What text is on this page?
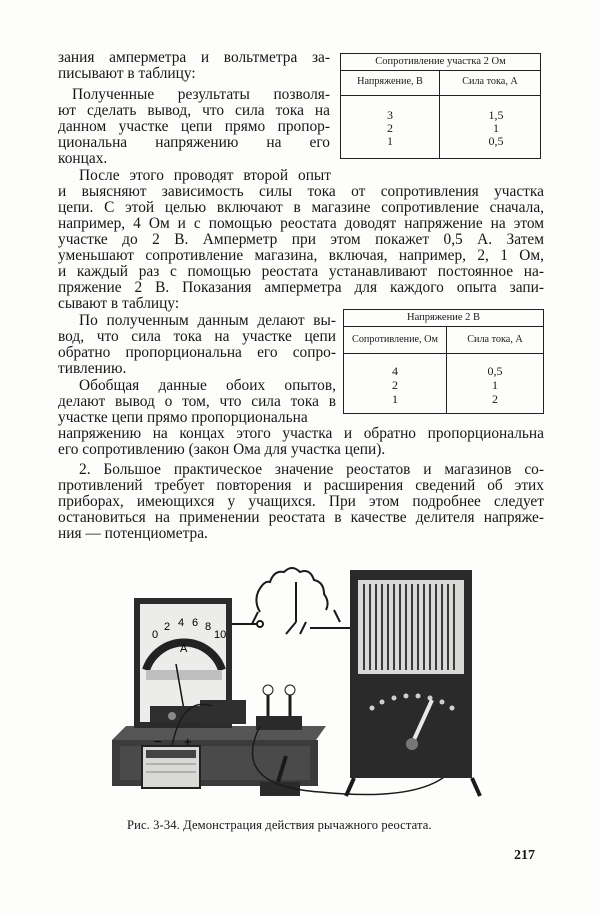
зания амперметра и вольтметра за-
писывают в таблицу:
Полученные результаты позволя-
ют сделать вывод, что сила тока на
данном участке цепи прямо пропор-
циональна напряжению на его
концах.
Сопротивление участка 2 Ом
Напряжение, В	Сила тока, А
3	1,5
2	1
1	0,5
После этого проводят второй опыт
и выясняют зависимость силы тока от сопротивления участка
цепи. С этой целью включают в магазине сопротивление сначала,
например, 4 Ом и с помощью реостата доводят напряжение на этом
участке до 2 В. Амперметр при этом покажет 0,5 А. Затем
уменьшают сопротивление магазина, включая, например, 2, 1 Ом,
и каждый раз с помощью реостата устанавливают постоянное на-
пряжение 2 В. Показания амперметра для каждого опыта запи-
сывают в таблицу:
По полученным данным делают вы-
вод, что сила тока на участке цепи
обратно пропорциональна его сопро-
тивлению.
Обобщая данные обоих опытов,
делают вывод о том, что сила тока в
участке цепи прямо пропорциональна
Напряжение 2 В
Сопротивление, Ом	Сила тока, А
4	0,5
2	1
1	2
напряжению на концах этого участка и обратно пропорциональна
его сопротивлению (закон Ома для участка цепи).
2. Большое практическое значение реостатов и магазинов со-
противлений требует повторения и расширения сведений об этих
приборах, имеющихся у учащихся. При этом подробнее следует
остановиться на применении реостата в качестве делителя напряже-
ния — потенциометра.
0
2 4 6 8
10
A
− +
Рис. 3-34. Демонстрация действия рычажного реостата.
217
